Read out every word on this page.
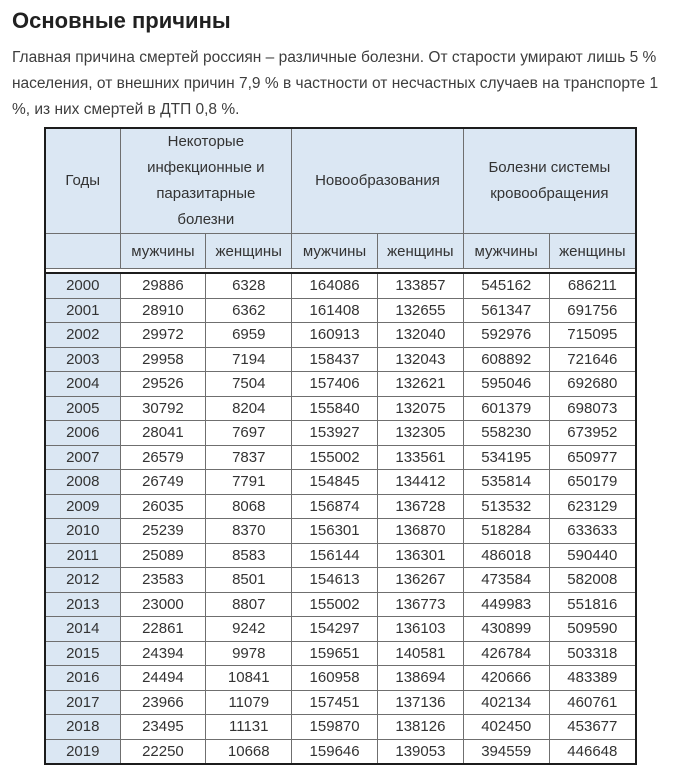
Основные причины

Главная причина смертей россиян – различные болезни. От старости умирают лишь 5 % населения, от внешних причин 7,9 % в частности от несчастных случаев на транспорте 1 %, из них смертей в ДТП 0,8 %.

Годы	Некоторые инфекционные и паразитарные болезни		Новообразования		Болезни системы кровообращения	
	мужчины	женщины	мужчины	женщины	мужчины	женщины
2000	29886	6328	164086	133857	545162	686211
2001	28910	6362	161408	132655	561347	691756
2002	29972	6959	160913	132040	592976	715095
2003	29958	7194	158437	132043	608892	721646
2004	29526	7504	157406	132621	595046	692680
2005	30792	8204	155840	132075	601379	698073
2006	28041	7697	153927	132305	558230	673952
2007	26579	7837	155002	133561	534195	650977
2008	26749	7791	154845	134412	535814	650179
2009	26035	8068	156874	136728	513532	623129
2010	25239	8370	156301	136870	518284	633633
2011	25089	8583	156144	136301	486018	590440
2012	23583	8501	154613	136267	473584	582008
2013	23000	8807	155002	136773	449983	551816
2014	22861	9242	154297	136103	430899	509590
2015	24394	9978	159651	140581	426784	503318
2016	24494	10841	160958	138694	420666	483389
2017	23966	11079	157451	137136	402134	460761
2018	23495	11131	159870	138126	402450	453677
2019	22250	10668	159646	139053	394559	446648
